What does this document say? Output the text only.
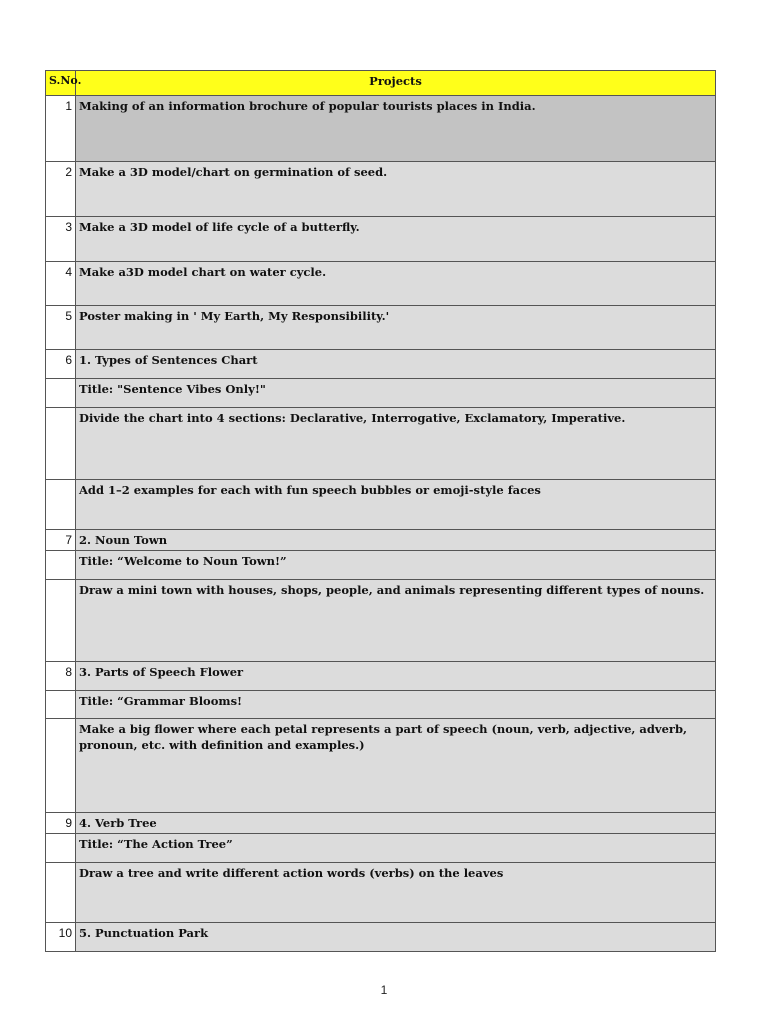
S.No.	Projects
1	Making of an information brochure of popular tourists places in India.
2	Make a 3D model/chart on germination of seed.
3	Make a 3D model of life cycle of a butterfly.
4	Make a3D model chart on water cycle.
5	Poster making in ' My Earth, My Responsibility.'
6	1. Types of Sentences Chart
	Title: "Sentence Vibes Only!"
	Divide the chart into 4 sections: Declarative, Interrogative, Exclamatory, Imperative.
	Add 1–2 examples for each with fun speech bubbles or emoji-style faces
7	2. Noun Town
	Title: “Welcome to Noun Town!”
	Draw a mini town with houses, shops, people, and animals representing different types of nouns.
8	3. Parts of Speech Flower
	Title: “Grammar Blooms!
	Make a big flower where each petal represents a part of speech (noun, verb, adjective, adverb, pronoun, etc. with definition and examples.)
9	4. Verb Tree
	Title: “The Action Tree”
	Draw a tree and write different action words (verbs) on the leaves
10	5. Punctuation Park
1
